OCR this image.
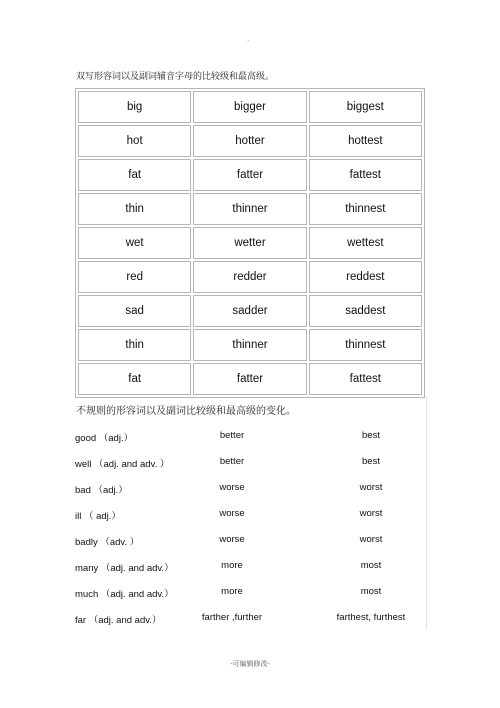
.
双写形容词以及副词辅音字母的比较级和最高级。
big	bigger	biggest
hot	hotter	hottest
fat	fatter	fattest
thin	thinner	thinnest
wet	wetter	wettest
red	redder	reddest
sad	sadder	saddest
thin	thinner	thinnest
fat	fatter	fattest
不规则的形容词以及副词比较级和最高级的变化。
good （adj.）	better	best
well （adj. and adv. ）	better	best
bad （adj.）	worse	worst
ill （ adj.）	worse	worst
badly （adv. ）	worse	worst
many （adj. and adv.）	more	most
much （adj. and adv.）	more	most
far （adj. and adv.）	farther ,further	farthest, furthest
-可编辑修改-
